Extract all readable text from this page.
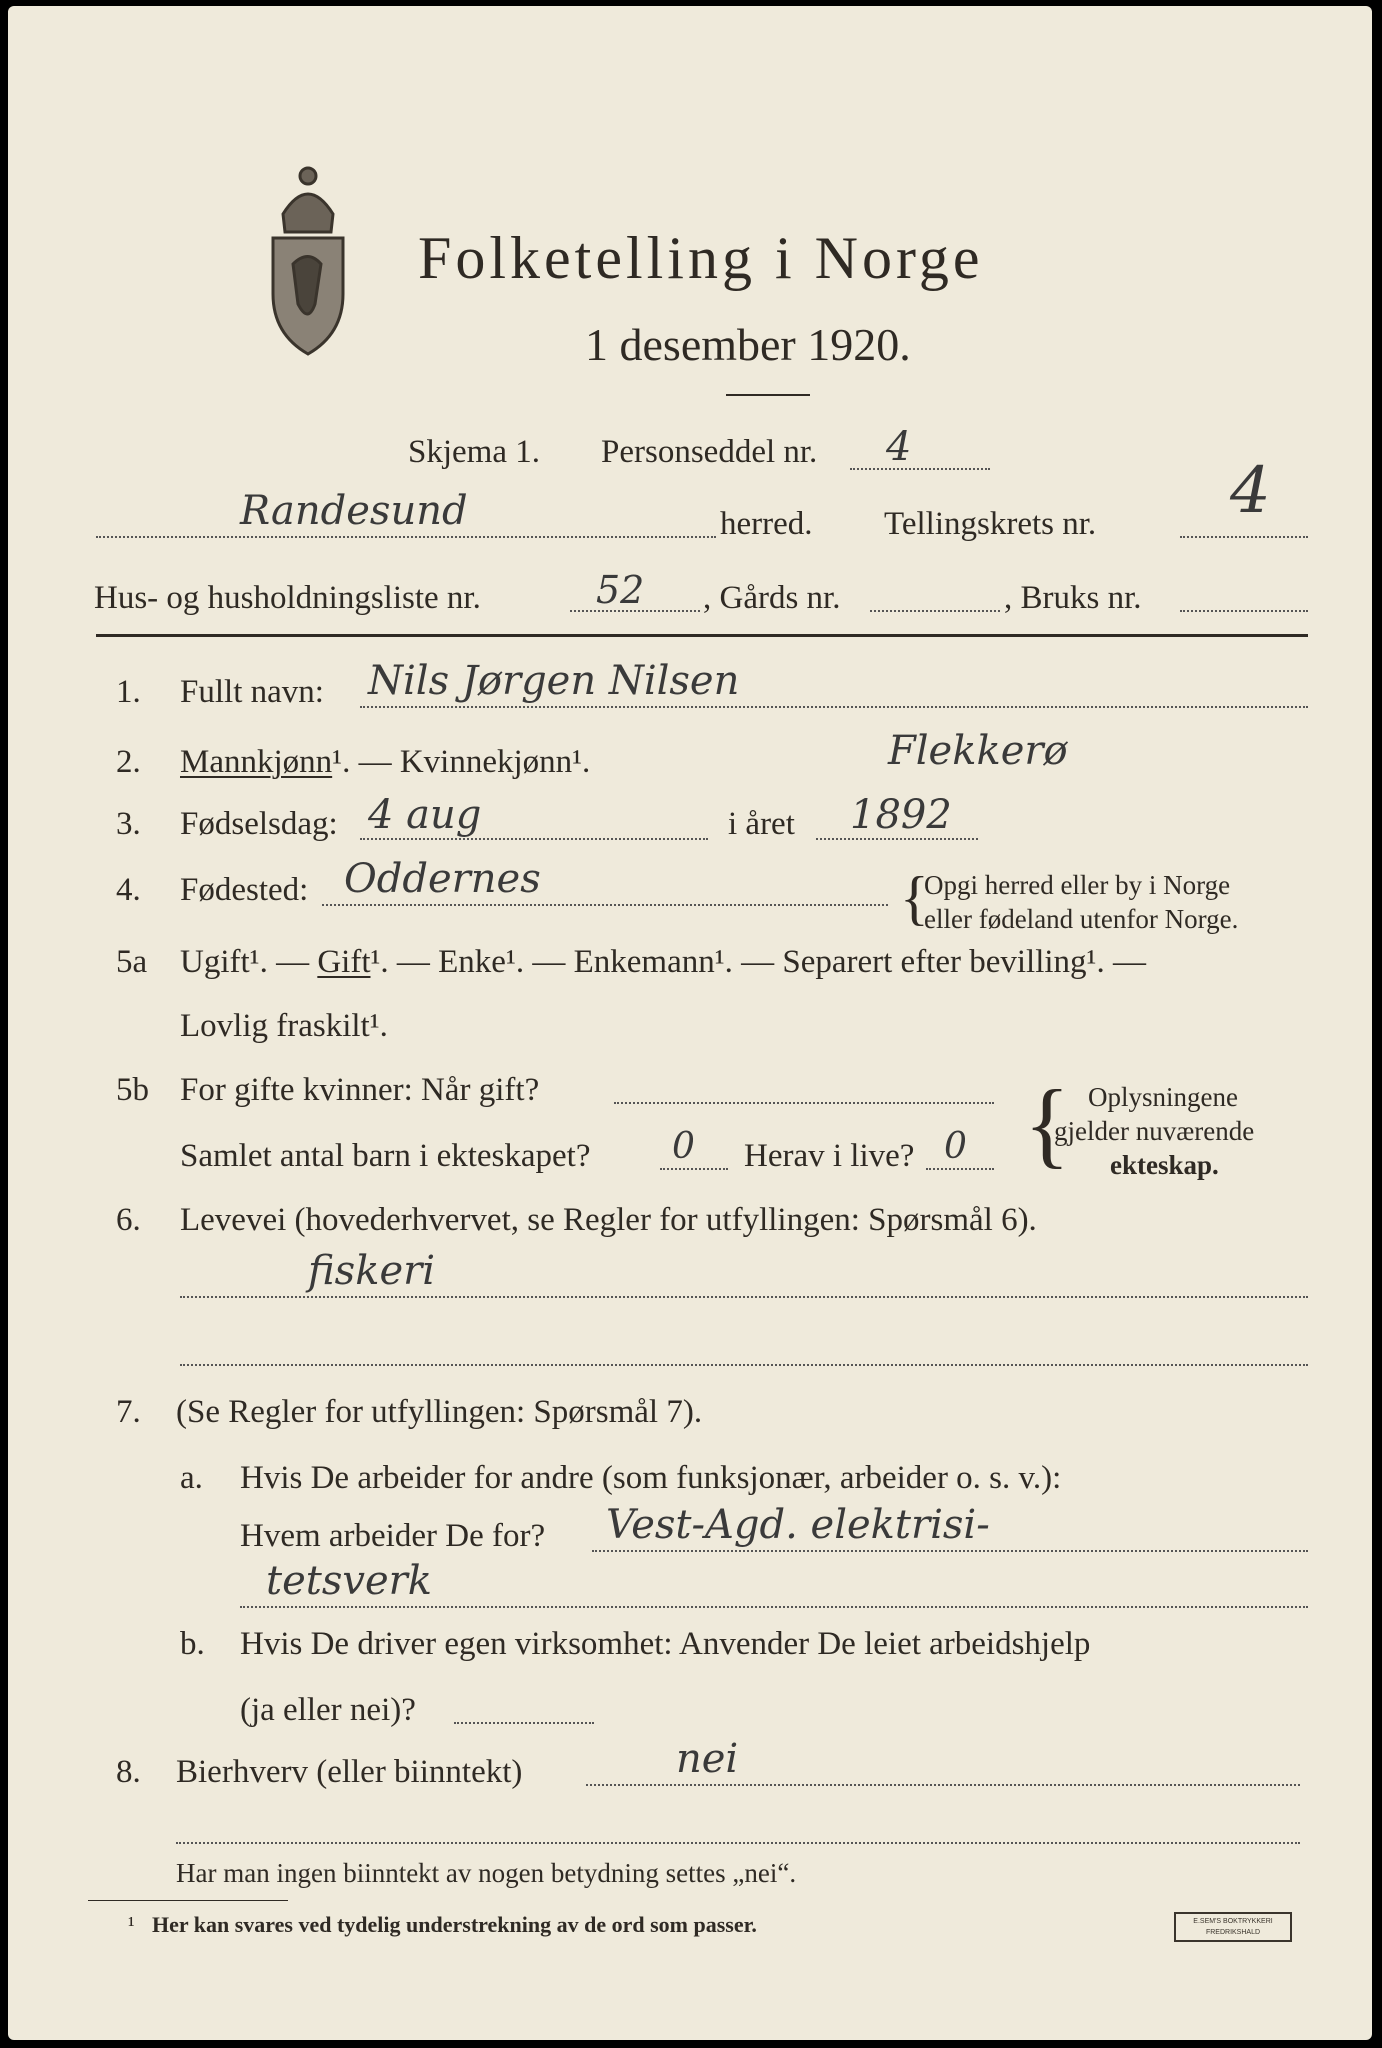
Folketelling i Norge
1 desember 1920.
Skjema 1. Personseddel nr. 4
Randesund	herred. Tellingskrets nr. 4
Hus- og husholdningsliste nr.	52 , Gårds nr.	, Bruks nr.
1. Fullt navn: Nils Jørgen Nilsen
2. Mannkjønn¹. — Kvinnekjønn¹.	Flekkerø
3. Fødselsdag: 4 aug	i året 1892
4. Fødested: Oddernes	{
Opgi herred eller by i Norge
eller fødeland utenfor Norge.
5a Ugift¹. — Gift¹. — Enke¹. — Enkemann¹. — Separert efter bevilling¹. —
Lovlig fraskilt¹.
5b For gifte kvinner: Når gift?
Samlet antal barn i ekteskapet? 0 Herav i live? 0 { Oplysningene
gjelder nuværende
ekteskap.
6. Levevei (hovederhvervet, se Regler for utfyllingen: Spørsmål 6).
fiskeri
7. (Se Regler for utfyllingen: Spørsmål 7).
a. Hvis De arbeider for andre (som funksjonær, arbeider o. s. v.):
Hvem arbeider De for? Vest-Agd. elektrisi-
tetsverk
b. Hvis De driver egen virksomhet: Anvender De leiet arbeidshjelp
(ja eller nei)?
8. Bierhverv (eller biinntekt)	nei
Har man ingen biinntekt av nogen betydning settes „nei“.
¹ Her kan svares ved tydelig understrekning av de ord som passer.	E.SEM'S BOKTRYKKERI
FREDRIKSHALD
